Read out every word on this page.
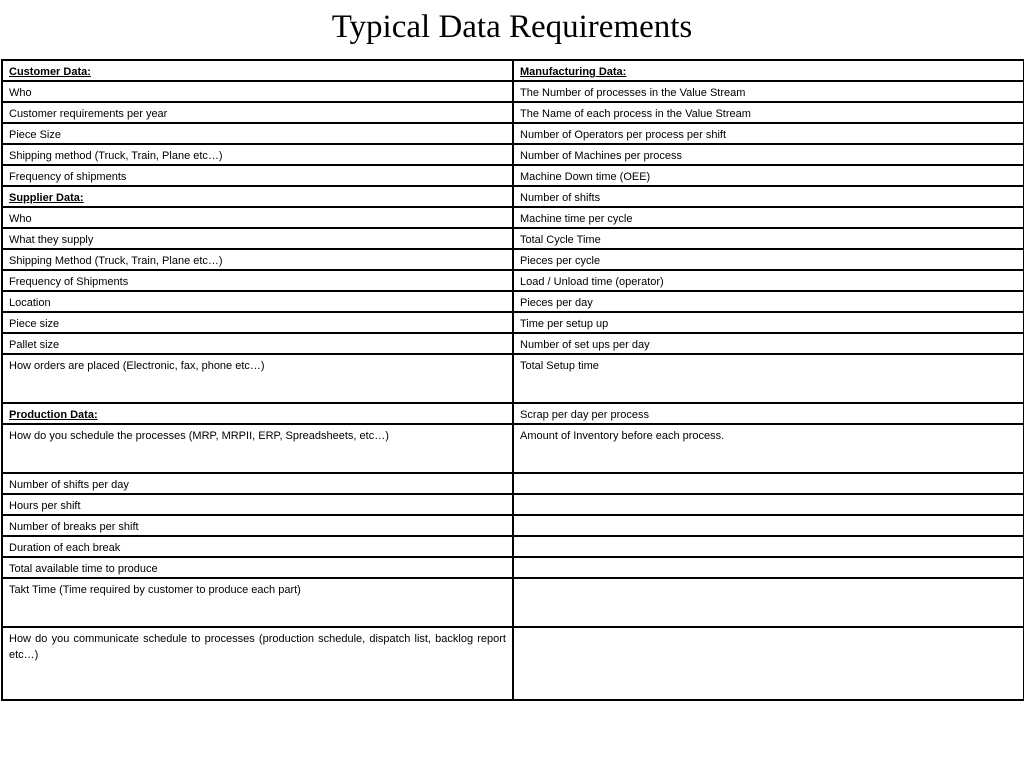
Typical Data Requirements
Customer Data:	Manufacturing Data:
Who	The Number of processes in the Value Stream
Customer requirements per year	The Name of each process in the Value Stream
Piece Size	Number of Operators per process per shift
Shipping method (Truck, Train, Plane etc…)	Number of Machines per process
Frequency of shipments	Machine Down time (OEE)
Supplier Data:	Number of shifts
Who	Machine time per cycle
What they supply	Total Cycle Time
Shipping Method (Truck, Train, Plane etc…)	Pieces per cycle
Frequency of Shipments	Load / Unload time (operator)
Location	Pieces per day
Piece size	Time per setup up
Pallet size	Number of set ups per day
How orders are placed (Electronic, fax, phone etc…)	Total Setup time
Production Data:	Scrap per day per process
How do you schedule the processes (MRP, MRPII, ERP, Spreadsheets, etc…)	Amount of Inventory before each process.
Number of shifts per day	
Hours per shift	
Number of breaks per shift	
Duration of each break	
Total available time to produce	
Takt Time (Time required by customer to produce each part)	
How do you communicate schedule to processes (production schedule, dispatch list, backlog report etc…)	
